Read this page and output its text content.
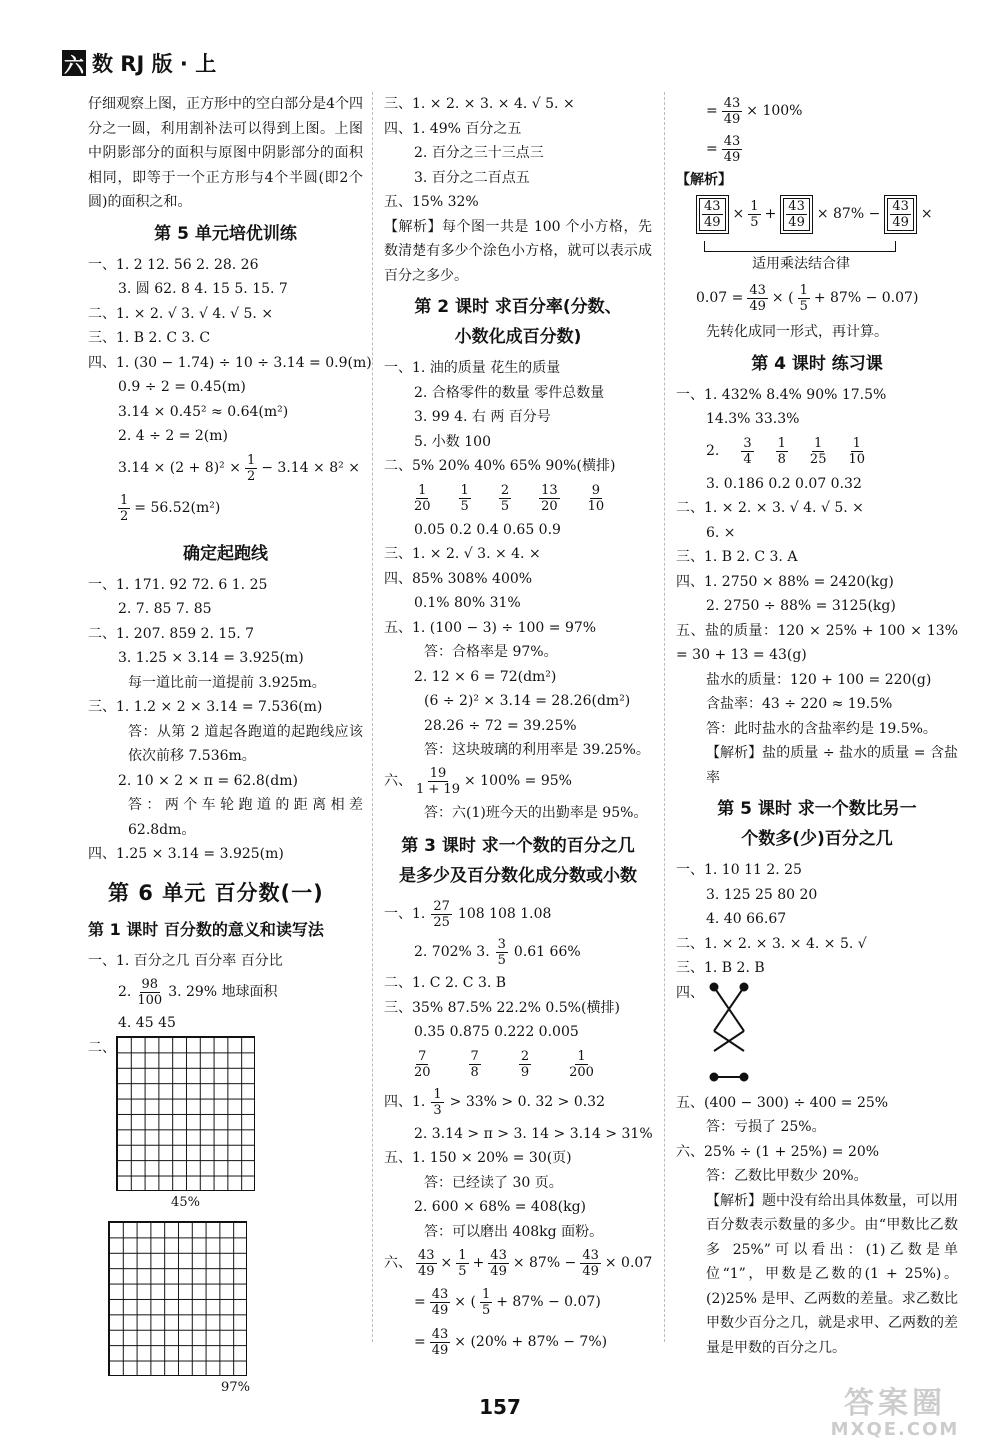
六 数 RJ 版 · 上
仔细观察上图，正方形中的空白部分是4个四分之一圆，利用割补法可以得到上图。上图中阴影部分的面积与原图中阴影部分的面积相同，即等于一个正方形与4个半圆(即2个圆)的面积之和。
第 5 单元培优训练
一、1. 2 12. 56 2. 28. 26
3. 圆 62. 8 4. 15 5. 15. 7
二、1. × 2. √ 3. √ 4. √ 5. ×
三、1. B 2. C 3. C
四、1. (30 − 1.74) ÷ 10 ÷ 3.14 = 0.9(m)
0.9 ÷ 2 = 0.45(m)
3.14 × 0.45² ≈ 0.64(m²)
2. 4 ÷ 2 = 2(m)
$3.14 \times (2 + 8)^2 \times \frac{1}{2} - 3.14 \times 8^2$ ×
$\frac{1}{2} = 56.52(m^2)$
确定起跑线
一、1. 171. 92 72. 6 1. 25
2. 7. 85 7. 85
二、1. 207. 859 2. 15. 7
3. 1.25 × 3.14 = 3.925(m)
每一道比前一道提前 3.925m。
三、1. 1.2 × 2 × 3.14 = 7.536(m)
答：从第 2 道起各跑道的起跑线应该依次前移 7.536m。
2. 10 × 2 × π = 62.8(dm)
答：两个车轮跑道的距离相差 62.8dm。
四、1.25 × 3.14 = 3.925(m)
第 6 单元 百分数(一)
第 1 课时 百分数的意义和读写法
一、1. 百分之几 百分率 百分比
2. 98
100
3. 29% 地球面积
4. 45 45
二、
45%
97%
三、1. × 2. × 3. × 4. √ 5. ×
四、1. 49% 百分之五
2. 百分之三十三点三
3. 百分之二百点五
五、15% 32%
【解析】每个图一共是 100 个小方格，先数清楚有多少个涂色小方格，就可以表示成百分之多少。
第 2 课时 求百分率(分数、
小数化成百分数)
一、1. 油的质量 花生的质量
2. 合格零件的数量 零件总数量
3. 99 4. 右 两 百分号
5. 小数 100
二、5% 20% 40% 65% 90%(横排)
1
20
1
5
2
5
13
20
9
10
0.05 0.2 0.4 0.65 0.9
三、1. × 2. √ 3. × 4. ×
四、85% 308% 400%
0.1% 80% 31%
五、1. (100 − 3) ÷ 100 = 97%
答：合格率是 97%。
2. 12 × 6 = 72(dm²)
(6 ÷ 2)² × 3.14 = 28.26(dm²)
28.26 ÷ 72 = 39.25%
答：这块玻璃的利用率是 39.25%。
六、 $\frac{19}{1 + 19} \times 100\% = 95\%$
答：六(1)班今天的出勤率是 95%。
第 3 课时 求一个数的百分之几
是多少及百分数化成分数或小数
一、1. 27
25
108 108 1.08
2. 702% 3. 3
5
0.61 66%
二、1. C 2. C 3. B
三、35% 87.5% 22.2% 0.5%(横排)
0.35 0.875 0.222 0.005
7
20
7
8
2
9
1
200
四、1. 1
3
> 33% > 0. 32 > 0.32
2. 3.14 > π > 3. 14 > 3.14 > 31%
五、1. 150 × 20% = 30(页)
答：已经读了 30 页。
2. 600 × 68% = 408(kg)
答：可以磨出 408kg 面粉。
六、 $\frac{43}{49} \times \frac{1}{5} + \frac{43}{49} \times 87\% - \frac{43}{49} \times 0.07$
= $\frac{43}{49}$ × ( 1
5
+ 87% − 0.07)
= $\frac{43}{49} \times (20\% + 87\% - 7\%)$
= $\frac{43}{49} \times 100\%$
= $\frac{43}{49}$
【解析】
43
49
× $\frac{1}{5} + 43$
49
× 87% − 43
49
×
适用乘法结合律
$0.07 = \frac{43}{49}$ × ( 1
5
+ 87% − 0.07)
先转化成同一形式，再计算。
第 4 课时 练习课
一、1. 432% 8.4% 90% 17.5%
14.3% 33.3%
2. 3
4
1
8
1
25
1
10
3. 0.186 0.2 0.07 0.32
二、1. × 2. × 3. √ 4. √ 5. ×
6. ×
三、1. B 2. C 3. A
四、1. 2750 × 88% = 2420(kg)
2. 2750 ÷ 88% = 3125(kg)
五、盐的质量：120 × 25% + 100 × 13% = 30 + 13 = 43(g)
盐水的质量：120 + 100 = 220(g)
含盐率：43 ÷ 220 ≈ 19.5%
答：此时盐水的含盐率约是 19.5%。
【解析】盐的质量 ÷ 盐水的质量 = 含盐率
第 5 课时 求一个数比另一
个数多(少)百分之几
一、1. 10 11 2. 25
3. 125 25 80 20
4. 40 66.67
二、1. × 2. × 3. × 4. × 5. √
三、1. B 2. B
四、
五、(400 − 300) ÷ 400 = 25%
答：亏损了 25%。
六、25% ÷ (1 + 25%) = 20%
答：乙数比甲数少 20%。
【解析】题中没有给出具体数量，可以用百分数表示数量的多少。由“甲数比乙数多 25%”可以看出：(1)乙数是单位“1”，甲数是乙数的(1 + 25%)。(2)25% 是甲、乙两数的差量。求乙数比甲数少百分之几，就是求甲、乙两数的差量是甲数的百分之几。
157	答案圈
MXQE.COM
